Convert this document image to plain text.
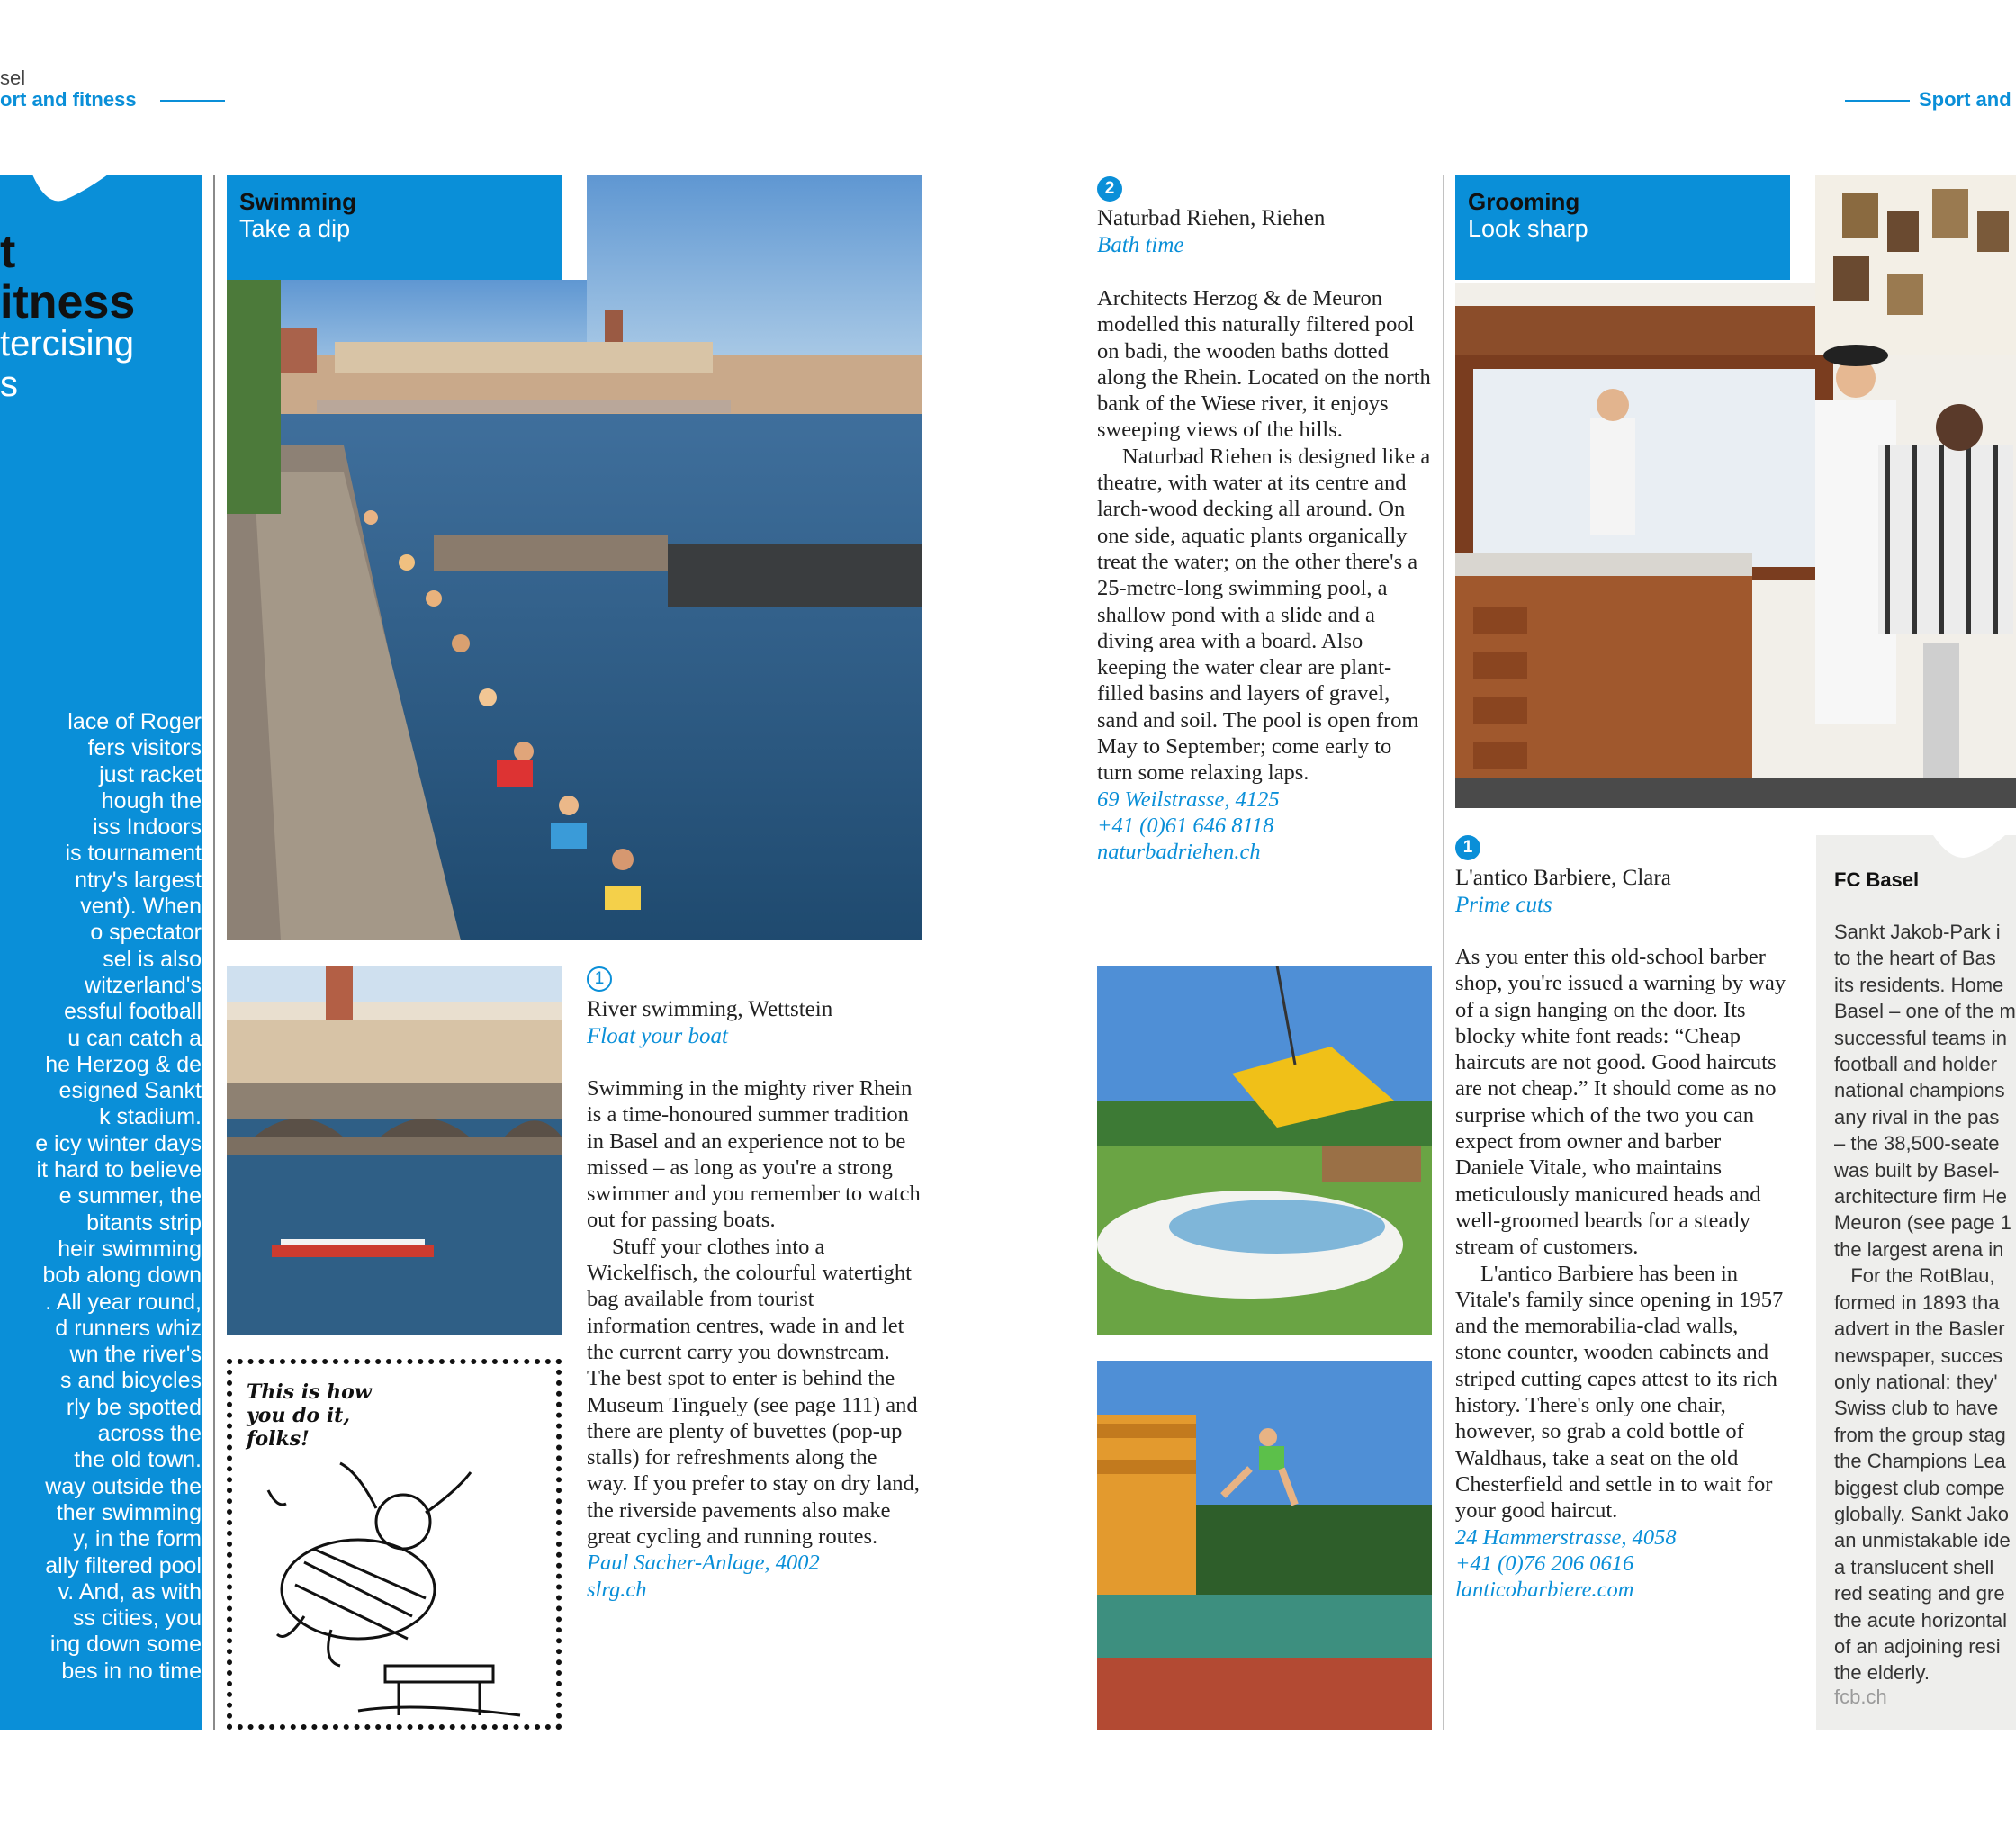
sel
ort and fitness	Sport and
t
itness
tercising
s
lace of Roger
fers visitors
just racket
hough the
iss Indoors
is tournament
ntry's largest
vent). When
o spectator
sel is also
witzerland's
essful football
u can catch a
he Herzog & de
esigned Sankt
k stadium.
e icy winter days
it hard to believe
e summer, the
bitants strip
heir swimming
bob along down
. All year round,
d runners whiz
wn the river's
s and bicycles
rly be spotted
across the
the old town.
way outside the
ther swimming
y, in the form
ally filtered pool
v. And, as with
ss cities, you
ing down some
bes in no time
Swimming
Take a dip
This is how
you do it,
folks!
1
River swimming, Wettstein
Float your boat

Swimming in the mighty river Rhein is a time-honoured summer tradition in Basel and an experience not to be missed – as long as you're a strong swimmer and you remember to watch out for passing boats.

Stuff your clothes into a Wickelfisch, the colourful watertight bag available from tourist information centres, wade in and let the current carry you downstream. The best spot to enter is behind the Museum Tinguely (see page 111) and there are plenty of buvettes (pop-up stalls) for refreshments along the way. If you prefer to stay on dry land, the riverside pavements also make great cycling and running routes.

Paul Sacher-Anlage, 4002
slrg.ch
2
Naturbad Riehen, Riehen
Bath time

Architects Herzog & de Meuron modelled this naturally filtered pool on badi, the wooden baths dotted along the Rhein. Located on the north bank of the Wiese river, it enjoys sweeping views of the hills.

Naturbad Riehen is designed like a theatre, with water at its centre and larch-wood decking all around. On one side, aquatic plants organically treat the water; on the other there's a 25-metre-long swimming pool, a shallow pond with a slide and a diving area with a board. Also keeping the water clear are plant-filled basins and layers of gravel, sand and soil. The pool is open from May to September; come early to turn some relaxing laps.

69 Weilstrasse, 4125
+41 (0)61 646 8118
naturbadriehen.ch
Grooming
Look sharp
1
L'antico Barbiere, Clara
Prime cuts

As you enter this old-school barber shop, you're issued a warning by way of a sign hanging on the door. Its blocky white font reads: “Cheap haircuts are not good. Good haircuts are not cheap.” It should come as no surprise which of the two you can expect from owner and barber Daniele Vitale, who maintains meticulously manicured heads and well-groomed beards for a steady stream of customers.

L'antico Barbiere has been in Vitale's family since opening in 1957 and the memorabilia-clad walls, stone counter, wooden cabinets and striped cutting capes attest to its rich history. There's only one chair, however, so grab a cold bottle of Waldhaus, take a seat on the old Chesterfield and settle in to wait for your good haircut.

24 Hammerstrasse, 4058
+41 (0)76 206 0616
lanticobarbiere.com
FC Basel
Sankt Jakob-Park i
to the heart of Bas
its residents. Home
Basel – one of the m
successful teams in
football and holder
national champions
any rival in the pas
– the 38,500-seate
was built by Basel-
architecture firm He
Meuron (see page 1
the largest arena in
For the RotBlau,
formed in 1893 tha
advert in the Basler
newspaper, succes
only national: they'
Swiss club to have
from the group stag
the Champions Lea
biggest club compe
globally. Sankt Jako
an unmistakable ide
a translucent shell
red seating and gre
the acute horizontal
of an adjoining resi
the elderly.
fcb.ch
